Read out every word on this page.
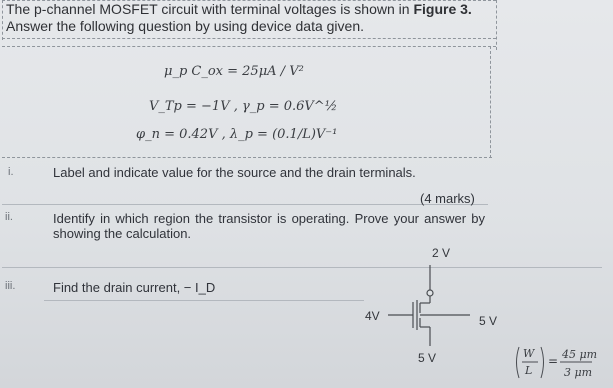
The p-channel MOSFET circuit with terminal voltages is shown in Figure 3.
Answer the following question by using device data given.
μ_p C_ox = 25μA / V²
V_Tp = −1V , γ_p = 0.6V^½
φ_n = 0.42V , λ_p = (0.1/L)V⁻¹
i.	Label and indicate value for the source and the drain terminals.
(4 marks)
ii.	Identify in which region the transistor is operating. Prove your answer by showing the calculation.
iii.	Find the drain current, − I_D
2 V
4V	5 V
5 V	W
L
= 45 μm
3 μm
